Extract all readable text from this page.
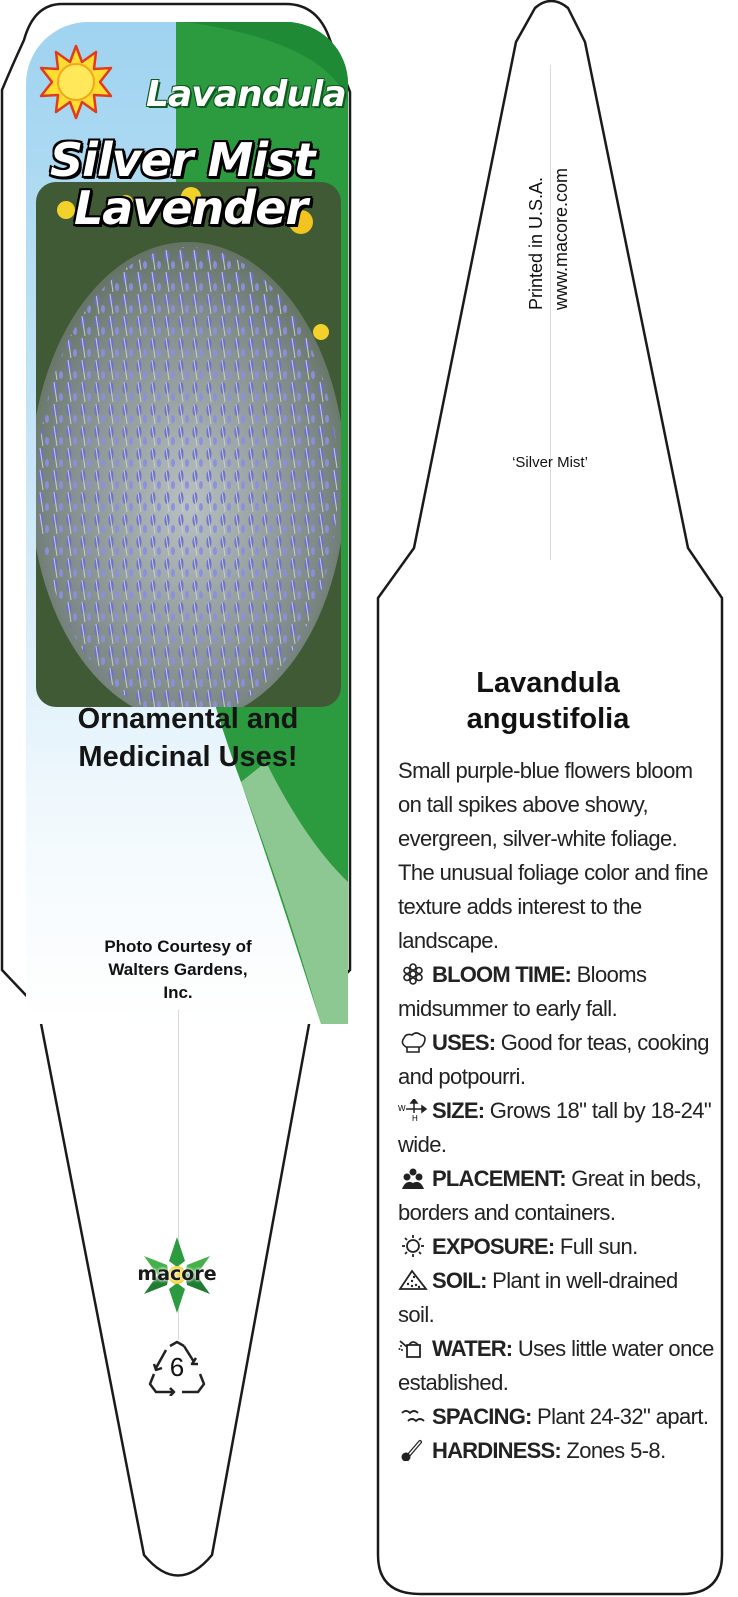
Lavandula
Silver Mist
Lavender
Ornamental and
Medicinal Uses!
Photo Courtesy of
Walters Gardens,
Inc.
macore
6
Printed in U.S.A. www.macore.com
‘Silver Mist’
Lavandula
angustifolia
Small purple-blue flowers bloom on tall spikes above showy, evergreen, silver-white foliage. The unusual foliage color and fine texture adds interest to the landscape.
BLOOM TIME: Blooms midsummer to early fall.
USES: Good for teas, cooking and potpourri.
W
H SIZE: Grows 18" tall by 18-24" wide.
PLACEMENT: Great in beds, borders and containers.
EXPOSURE: Full sun.
SOIL: Plant in well-drained soil.
WATER: Uses little water once established.
SPACING: Plant 24-32" apart.
HARDINESS: Zones 5-8.
